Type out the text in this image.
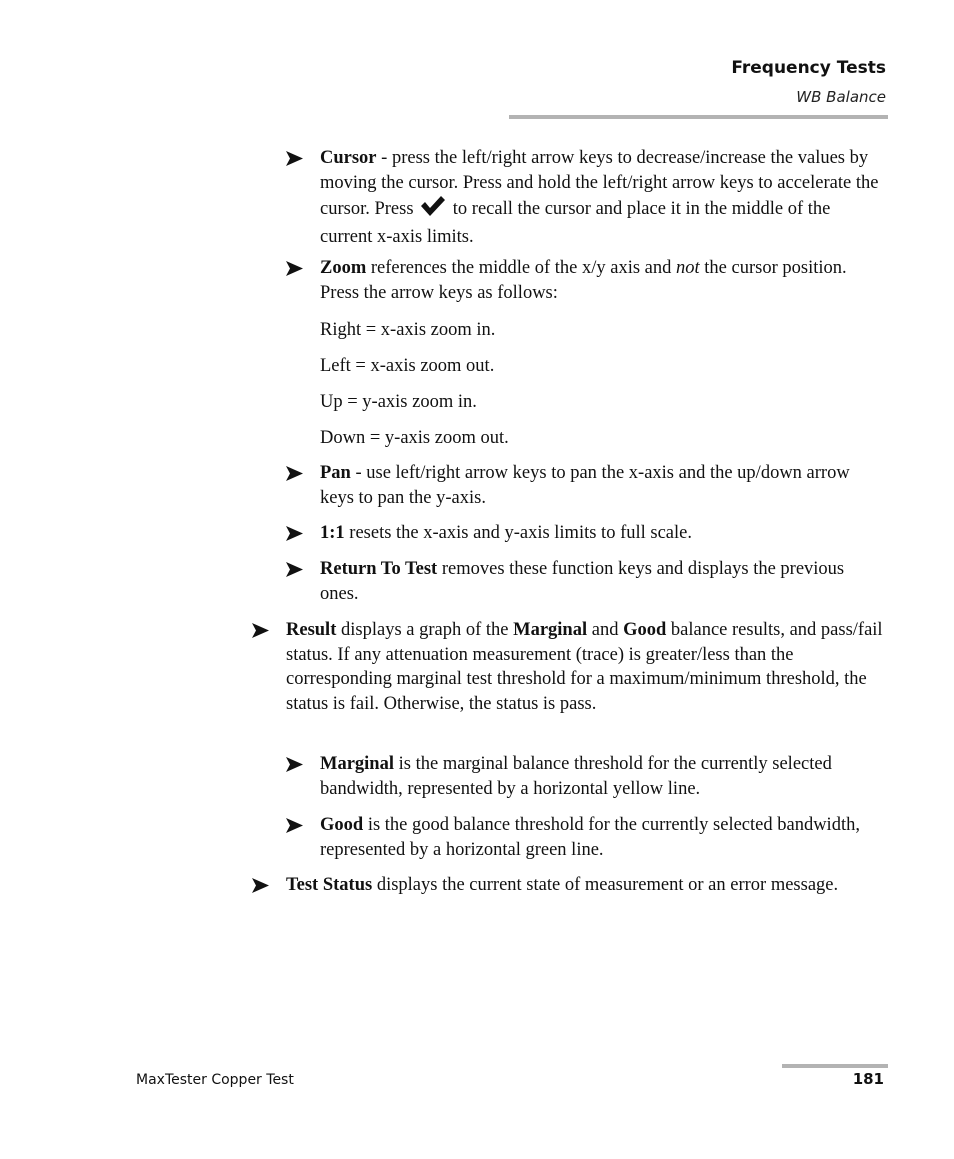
Frequency Tests
WB Balance
Cursor - press the left/right arrow keys to decrease/increase the values by moving the cursor. Press and hold the left/right arrow keys to accelerate the cursor. Press  to recall the cursor and place it in the middle of the current x-axis limits.
Zoom references the middle of the x/y axis and not the cursor position. Press the arrow keys as follows:
Right = x-axis zoom in.
Left = x-axis zoom out.
Up = y-axis zoom in.
Down = y-axis zoom out.
Pan - use left/right arrow keys to pan the x-axis and the up/down arrow keys to pan the y-axis.
1:1 resets the x-axis and y-axis limits to full scale.
Return To Test removes these function keys and displays the previous ones.
Result displays a graph of the Marginal and Good balance results, and pass/fail status. If any attenuation measurement (trace) is greater/less than the corresponding marginal test threshold for a maximum/minimum threshold, the status is fail. Otherwise, the status is pass.
Marginal is the marginal balance threshold for the currently selected bandwidth, represented by a horizontal yellow line.
Good is the good balance threshold for the currently selected bandwidth, represented by a horizontal green line.
Test Status displays the current state of measurement or an error message.
MaxTester Copper Test	181
